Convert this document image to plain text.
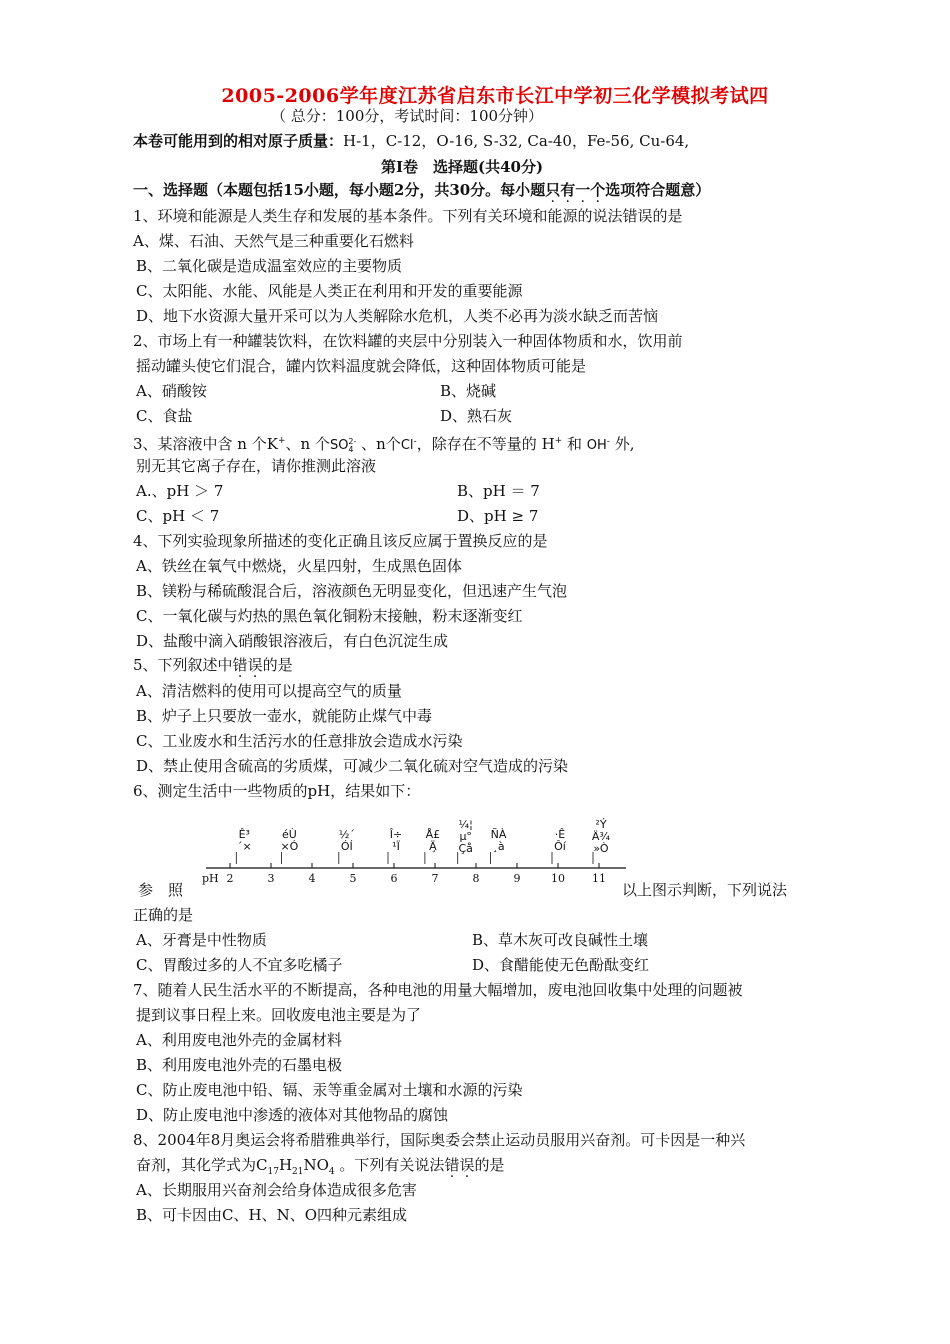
2005-2006学年度江苏省启东市长江中学初三化学模拟考试四
（ 总分：100分，考试时间：100分钟）
本卷可能用到的相对原子质量：H-1，C-12，O-16, S-32, Ca-40，Fe-56, Cu-64,
第Ⅰ卷　选择题(共40分)
一、选择题（本题包括15小题，每小题2分，共30分。每小题只有一个选项符合题意）
1、环境和能源是人类生存和发展的基本条件。下列有关环境和能源的说法错误的是
A、煤、石油、天然气是三种重要化石燃料
B、二氧化碳是造成温室效应的主要物质
C、太阳能、水能、风能是人类正在利用和开发的重要能源
D、地下水资源大量开采可以为人类解除水危机，人类不必再为淡水缺乏而苦恼
2、市场上有一种罐装饮料，在饮料罐的夹层中分别装入一种固体物质和水，饮用前
摇动罐头使它们混合，罐内饮料温度就会降低，这种固体物质可能是
A、硝酸铵	B、烧碱
C、食盐	D、熟石灰
3、某溶液中含 n 个K+、n 个SO 2-
4 、n个Cl-，除存在不等量的 H+ 和 OH- 外,
别无其它离子存在，请你推测此溶液
A.、pH ＞ 7	B、pH ＝ 7
C、pH ＜ 7	D、pH ≥ 7
4、下列实验现象所描述的变化正确且该反应属于置换反应的是
A、铁丝在氧气中燃烧，火星四射，生成黑色固体
B、镁粉与稀硫酸混合后，溶液颜色无明显变化，但迅速产生气泡
C、一氧化碳与灼热的黑色氧化铜粉末接触，粉末逐渐变红
D、盐酸中滴入硝酸银溶液后，有白色沉淀生成
5、下列叙述中错误的是
A、清洁燃料的使用可以提高空气的质量
B、炉子上只要放一壶水，就能防止煤气中毒
C、工业废水和生活污水的任意排放会造成水污染
D、禁止使用含硫高的劣质煤，可减少二氧化硫对空气造成的污染
6、测定生活中一些物质的pH，结果如下：
pH 2	3	4	5	6	7	8	9	10 11
Ê³
´×
éÙ
×Ó
½´
ÓÍ
Î÷
¹Ï
Å£
Ä̧
¼¦
µ°
Çå
ÑÀ
¸à
·Ê
Ôí
²Ý
Ä¾
»Ò
参　照	以上图示判断，下列说法
正确的是
A、牙膏是中性物质	B、草木灰可改良碱性土壤
C、胃酸过多的人不宜多吃橘子	D、食醋能使无色酚酞变红
7、随着人民生活水平的不断提高，各种电池的用量大幅增加，废电池回收集中处理的问题被
提到议事日程上来。回收废电池主要是为了
A、利用废电池外壳的金属材料
B、利用废电池外壳的石墨电极
C、防止废电池中铅、镉、汞等重金属对土壤和水源的污染
D、防止废电池中渗透的液体对其他物品的腐蚀
8、2004年8月奥运会将希腊雅典举行，国际奥委会禁止运动员服用兴奋剂。可卡因是一种兴
奋剂，其化学式为$C_{17}H_{21}NO_4$ 。下列有关说法错误的是
A、长期服用兴奋剂会给身体造成很多危害
B、可卡因由C、H、N、O四种元素组成
